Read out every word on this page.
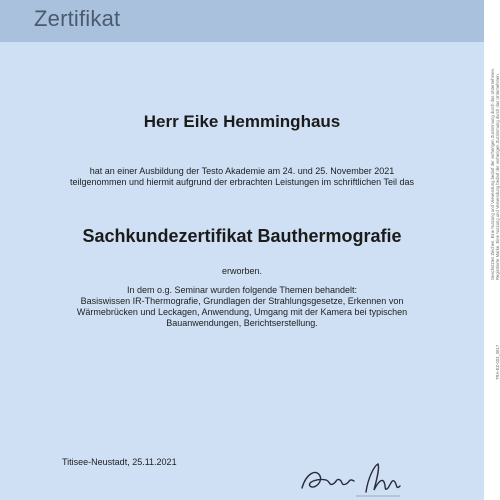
Zertifikat
Herr Eike Hemminghaus
hat an einer Ausbildung der Testo Akademie am 24. und 25. November 2021
teilgenommen und hiermit aufgrund der erbrachten Leistungen im schriftlichen Teil das
Sachkundezertifikat Bauthermografie
erworben.
In dem o.g. Seminar wurden folgende Themen behandelt:
Basiswissen IR-Thermografie, Grundlagen der Strahlungsgesetze, Erkennen von
Wärmebrücken und Leckagen, Anwendung, Umgang mit der Kamera bei typischen
Bauanwendungen, Berichtserstellung.
Titisee-Neustadt, 25.11.2021
Geschütztes Zeichen. Eine Nutzung und Verwendung bedarf der vorherigen Zustimmung durch das Unternehmen. Registrierte Marke. Eine Nutzung und Verwendung bedarf der vorherigen Zustimmung durch das Unternehmen.
TRA-EZ-003_0817
